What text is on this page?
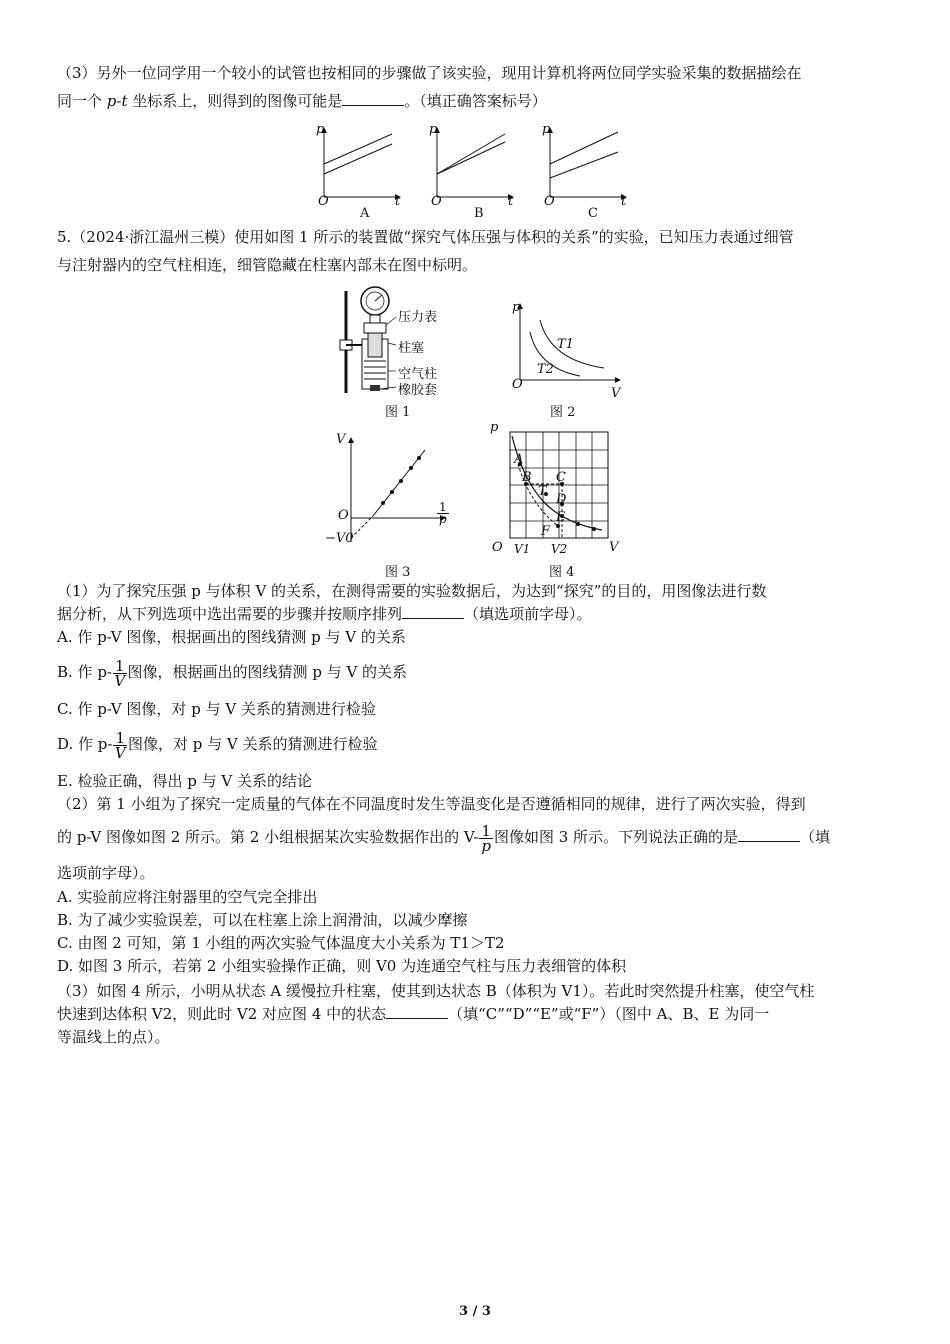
（3）另外一位同学用一个较小的试管也按相同的步骤做了该实验，现用计算机将两位同学实验采集的数据描绘在

同一个 p-t 坐标系上，则得到的图像可能是	。（填正确答案标号）

p	p	p
O	O	O
t	t	t
A	B	C

5.（2024·浙江温州三模）使用如图 1 所示的装置做“探究气体压强与体积的关系”的实验，已知压力表通过细管

与注射器内的空气柱相连，细管隐藏在柱塞内部未在图中标明。

压力表
柱塞
空气柱
橡胶套
图 1
p
V
O
T1
T2
图 2
V
O
−V0
$\frac{1}{p}$
图 3
p
V
O V1 V2
A
B C
T
D
E
F
图 4

（1）为了探究压强 p 与体积 V 的关系，在测得需要的实验数据后，为达到“探究”的目的，用图像法进行数

据分析，从下列选项中选出需要的步骤并按顺序排列	（填选项前字母）。

A. 作 p-V 图像，根据画出的图线猜测 p 与 V 的关系

B. 作 $p- \frac{1}{V}$ 图像，根据画出的图线猜测 p 与 V 的关系

C. 作 p-V 图像，对 p 与 V 关系的猜测进行检验

D. 作 $p- \frac{1}{V}$ 图像，对 p 与 V 关系的猜测进行检验

E. 检验正确，得出 p 与 V 关系的结论

（2）第 1 小组为了探究一定质量的气体在不同温度时发生等温变化是否遵循相同的规律，进行了两次实验，得到

的 p-V 图像如图 2 所示。第 2 小组根据某次实验数据作出的 $V- \frac{1}{p}$ 图像如图 3 所示。下列说法正确的是	（填

选项前字母）。

A. 实验前应将注射器里的空气完全排出

B. 为了减少实验误差，可以在柱塞上涂上润滑油，以减少摩擦

C. 由图 2 可知，第 1 小组的两次实验气体温度大小关系为 T1＞T2

D. 如图 3 所示，若第 2 小组实验操作正确，则 V0 为连通空气柱与压力表细管的体积

（3）如图 4 所示，小明从状态 A 缓慢拉升柱塞，使其到达状态 B（体积为 V1）。若此时突然提升柱塞，使空气柱

快速到达体积 V2，则此时 V2 对应图 4 中的状态	（填“C”“D”“E”或“F”）（图中 A、B、E 为同一

等温线上的点）。

3 / 3
